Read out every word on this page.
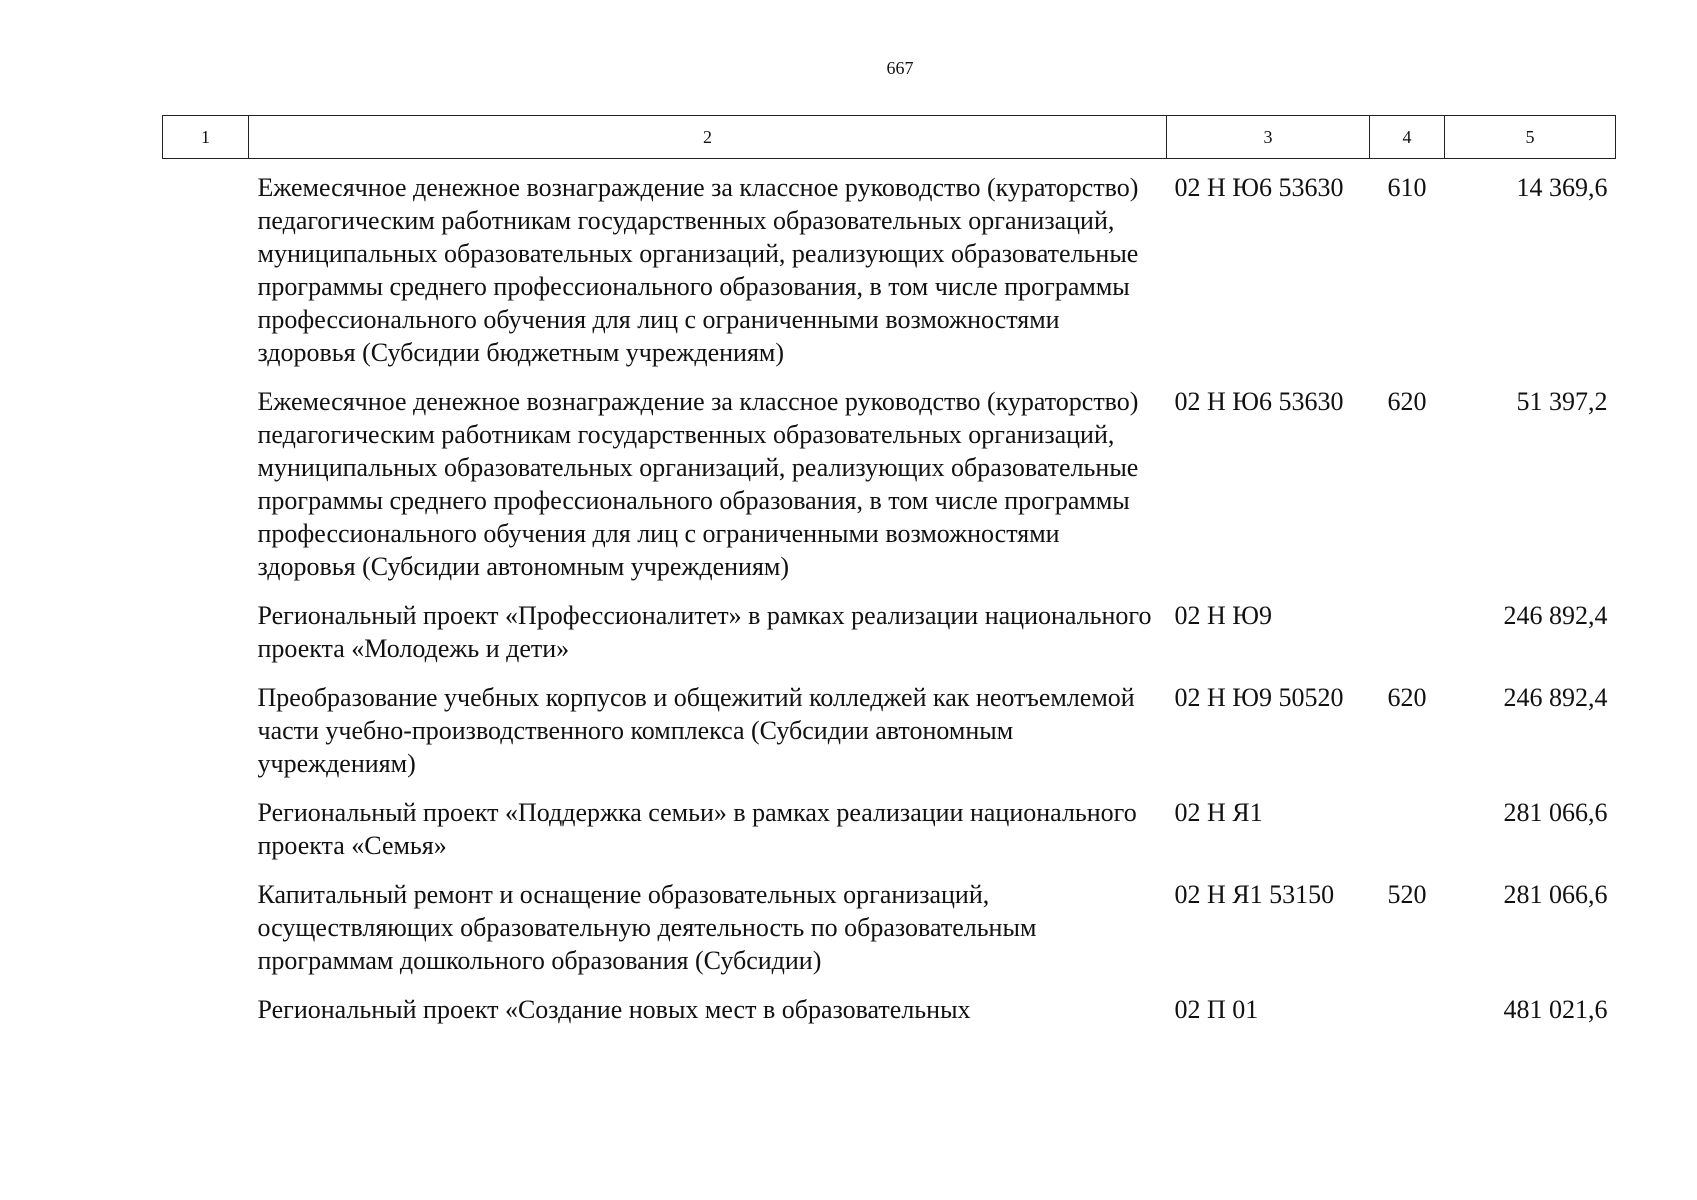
667
1	2	3	4	5
	Ежемесячное денежное вознаграждение за классное руководство (кураторство) педагогическим работникам государственных образовательных организаций, муниципальных образовательных организаций, реализующих образовательные программы среднего профессионального образования, в том числе программы профессионального обучения для лиц с ограниченными возможностями здоровья (Субсидии бюджетным учреждениям)	02 Н Ю6 53630	610	14 369,6
	Ежемесячное денежное вознаграждение за классное руководство (кураторство) педагогическим работникам государственных образовательных организаций, муниципальных образовательных организаций, реализующих образовательные программы среднего профессионального образования, в том числе программы профессионального обучения для лиц с ограниченными возможностями здоровья (Субсидии автономным учреждениям)	02 Н Ю6 53630	620	51 397,2
	Региональный проект «Профессионалитет» в рамках реализации национального проекта «Молодежь и дети»	02 Н Ю9		246 892,4
	Преобразование учебных корпусов и общежитий колледжей как неотъемлемой части учебно-производственного комплекса (Субсидии автономным учреждениям)	02 Н Ю9 50520	620	246 892,4
	Региональный проект «Поддержка семьи» в рамках реализации национального проекта «Семья»	02 Н Я1		281 066,6
	Капитальный ремонт и оснащение образовательных организаций, осуществляющих образовательную деятельность по образовательным программам дошкольного образования (Субсидии)	02 Н Я1 53150	520	281 066,6
	Региональный проект «Создание новых мест в образовательных	02 П 01		481 021,6
